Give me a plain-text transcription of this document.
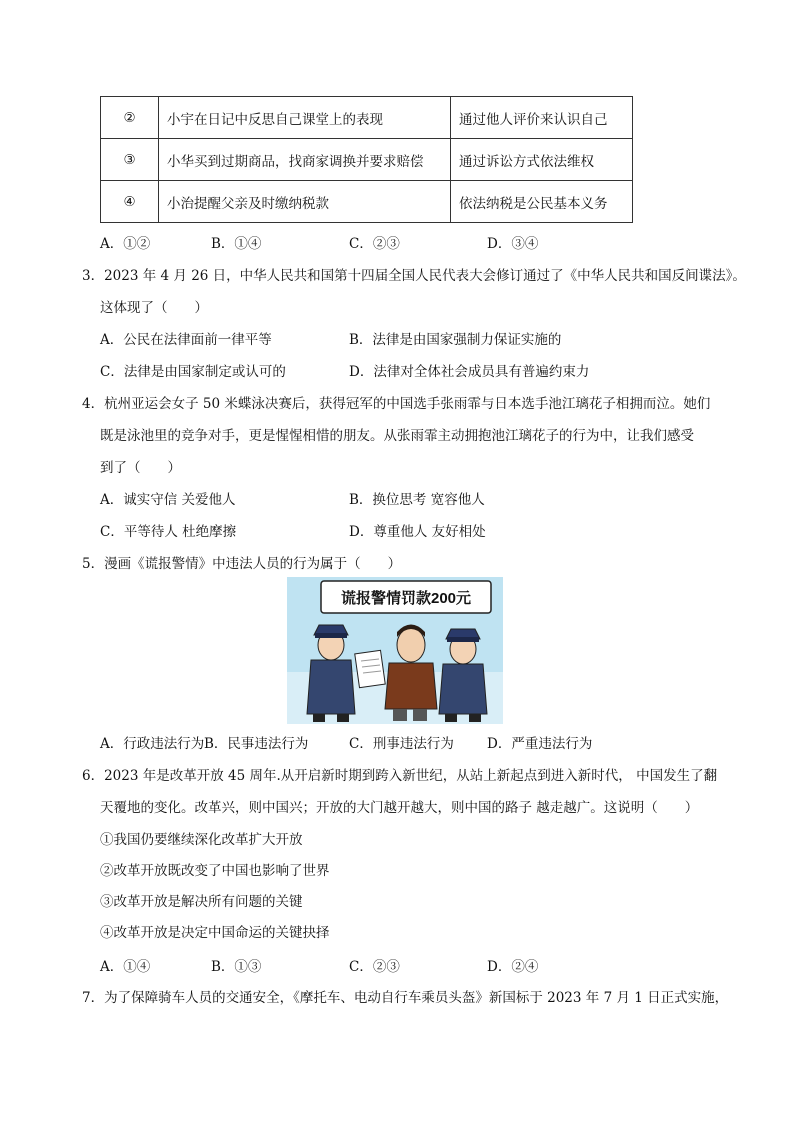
②	小宇在日记中反思自己课堂上的表现	通过他人评价来认识自己
③	小华买到过期商品，找商家调换并要求赔偿	通过诉讼方式依法维权
④	小治提醒父亲及时缴纳税款	依法纳税是公民基本义务
A．①②	B．①④	C．②③	D．③④
3．2023 年 4 月 26 日，中华人民共和国第十四届全国人民代表大会修订通过了《中华人民共和国反间谍法》。
这体现了（　　）
A．公民在法律面前一律平等	B．法律是由国家强制力保证实施的
C．法律是由国家制定或认可的	D．法律对全体社会成员具有普遍约束力
4．杭州亚运会女子 50 米蝶泳决赛后，获得冠军的中国选手张雨霏与日本选手池江璃花子相拥而泣。她们
既是泳池里的竞争对手，更是惺惺相惜的朋友。从张雨霏主动拥抱池江璃花子的行为中，让我们感受
到了（　　）
A．诚实守信 关爱他人	B．换位思考 宽容他人
C．平等待人 杜绝摩擦	D．尊重他人 友好相处
5．漫画《谎报警情》中违法人员的行为属于（　　）
谎报警情罚款200元
A．行政违法行为 B．民事违法行为	C．刑事违法行为 D．严重违法行为
6．2023 年是改革开放 45 周年.从开启新时期到跨入新世纪，从站上新起点到进入新时代， 中国发生了翻
天覆地的变化。改革兴，则中国兴；开放的大门越开越大，则中国的路子 越走越广。这说明（　　）
①我国仍要继续深化改革扩大开放
②改革开放既改变了中国也影响了世界
③改革开放是解决所有问题的关键
④改革开放是决定中国命运的关键抉择
A．①④	B．①③	C．②③	D．②④
7．为了保障骑车人员的交通安全，《摩托车、电动自行车乘员头盔》新国标于 2023 年 7 月 1 日正式实施，
